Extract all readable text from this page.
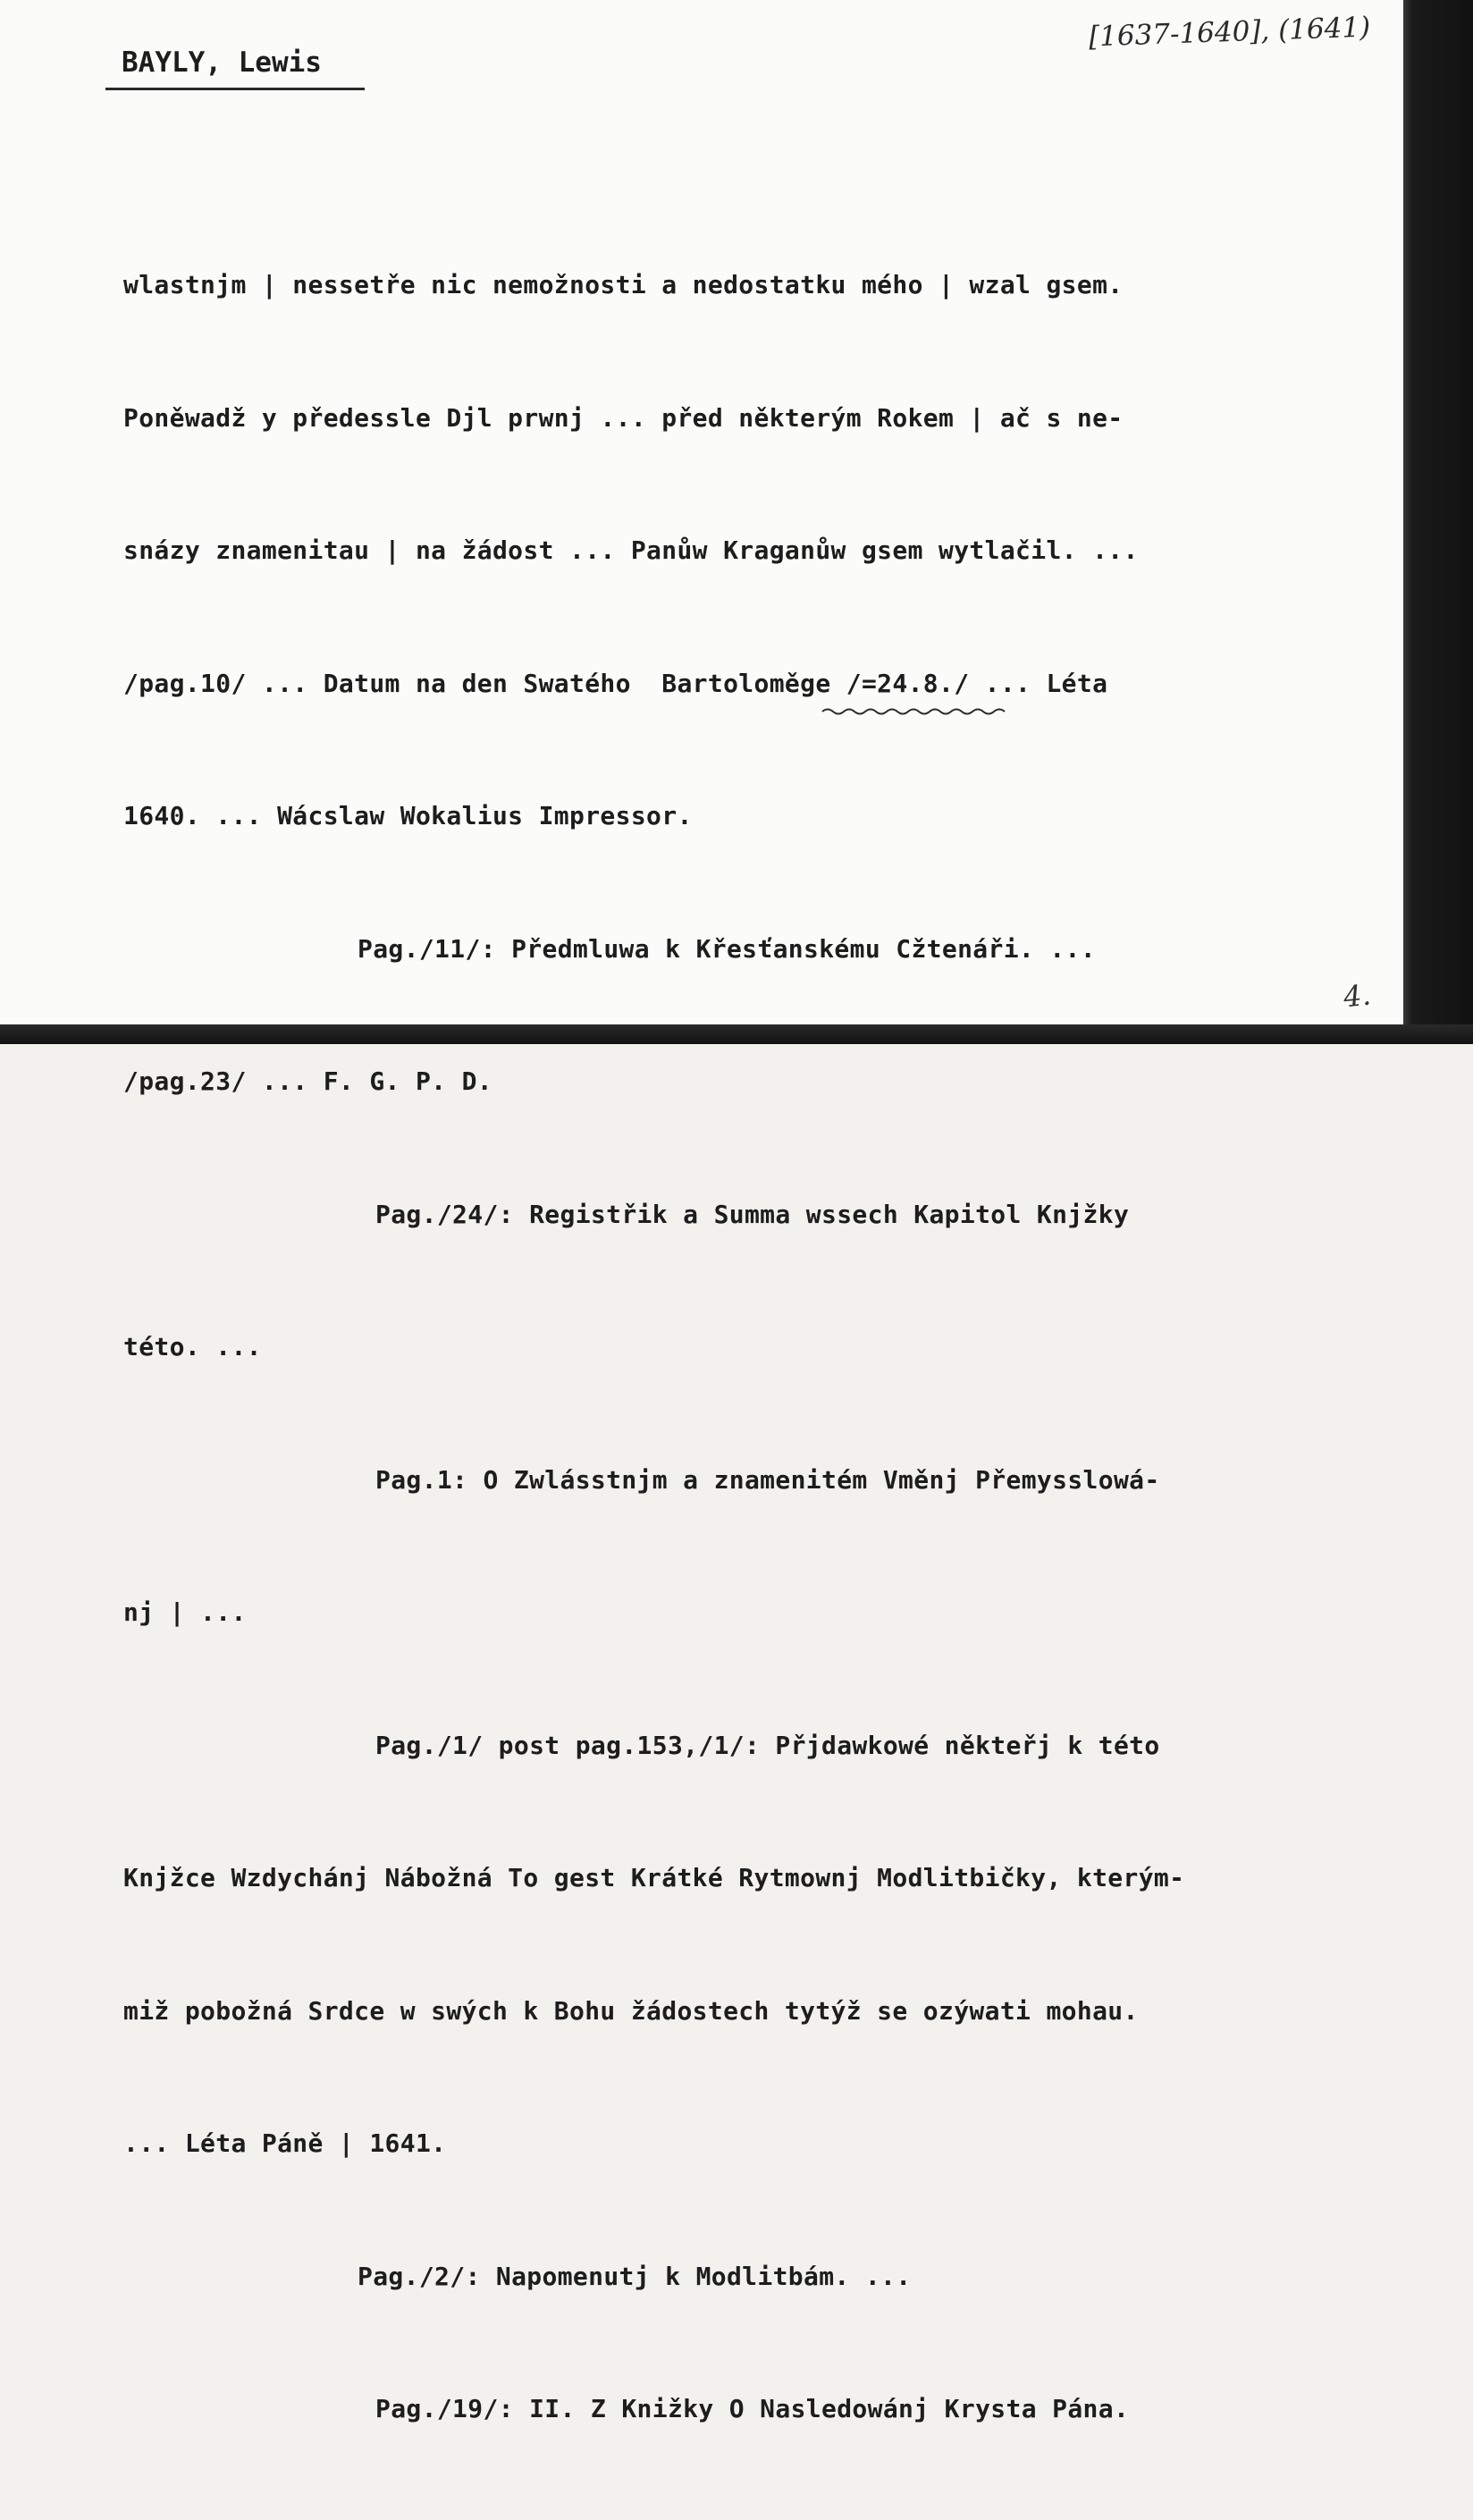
BAYLY, Lewis
[1637-1640], (1641)

wlastnjm | nessetře nic nemožnosti a nedostatku mého | wzal gsem.

Poněwadž y předessle Djl prwnj ... před některým Rokem | ač s ne-

snázy znamenitau | na žádost ... Panůw Kraganůw gsem wytlačil. ...

/pag.10/ ... Datum na den Swatého  Bartoloměge /=24.8./ ... Léta

1640. ... Wácslaw Wokalius Impressor.

Pag./11/: Předmluwa k Křesťanskému Cžtenáři. ...

/pag.23/ ... F. G. P. D.

Pag./24/: Registřik a Summa wssech Kapitol Knjžky

této. ...

Pag.1: O Zwlásstnjm a znamenitém Vměnj Přemysslowá-

nj | ...

Pag./1/ post pag.153,/1/: Přjdawkowé někteřj k této

Knjžce Wzdychánj Nábožná To gest Krátké Rytmownj Modlitbičky, kterým-

miž pobožná Srdce w swých k Bohu žádostech tytýž se ozýwati mohau.

... Léta Páně | 1641.

Pag./2/: Napomenutj k Modlitbám. ...

Pag./19/: II. Z Knižky O Nasledowánj Krysta Pána.

4.
